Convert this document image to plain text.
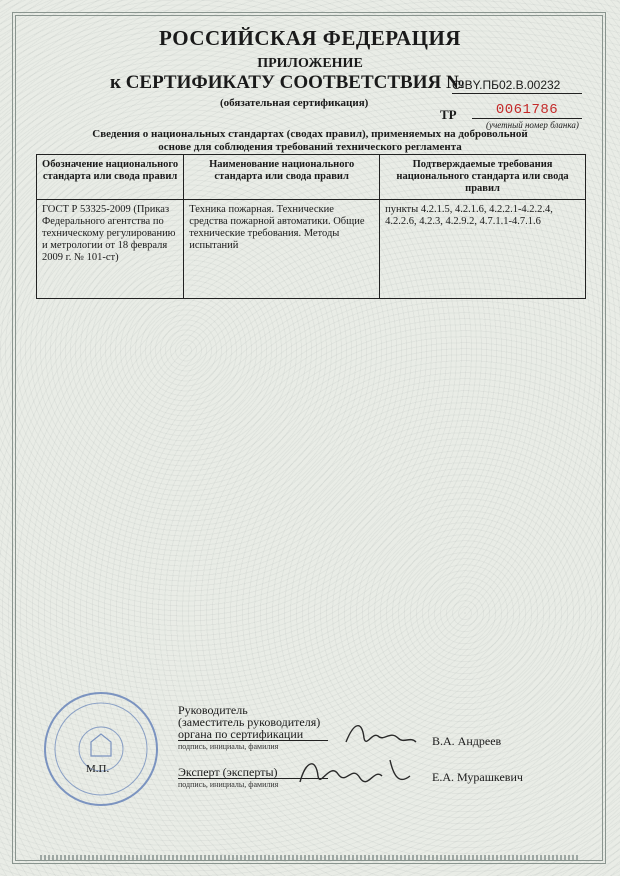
РОССИЙСКАЯ ФЕДЕРАЦИЯ
ПРИЛОЖЕНИЕ
к СЕРТИФИКАТУ СООТВЕТСТВИЯ №
C-BY.ПБ02.В.00232
(обязательная сертификация)
ТР	0061786
(учетный номер бланка)
Сведения о национальных стандартах (сводах правил), применяемых на добровольной
основе для соблюдения требований технического регламента
Обозначение национального стандарта или свода правил	Наименование национального стандарта или свода правил	Подтверждаемые требования национального стандарта или свода правил
ГОСТ Р 53325-2009 (Приказ Федерального агентства по техническому регулированию и метрологии от 18 февраля 2009 г. № 101-ст)	Техника пожарная. Технические средства пожарной автоматики. Общие технические требования. Методы испытаний	пункты 4.2.1.5, 4.2.1.6, 4.2.2.1-4.2.2.4, 4.2.2.6, 4.2.3, 4.2.9.2, 4.7.1.1-4.7.1.6
М.П.
Руководитель
(заместитель руководителя)
органа по сертификации
подпись, инициалы, фамилия	В.А. Андреев
Эксперт (эксперты)
подпись, инициалы, фамилия
Е.А. Мурашкевич
